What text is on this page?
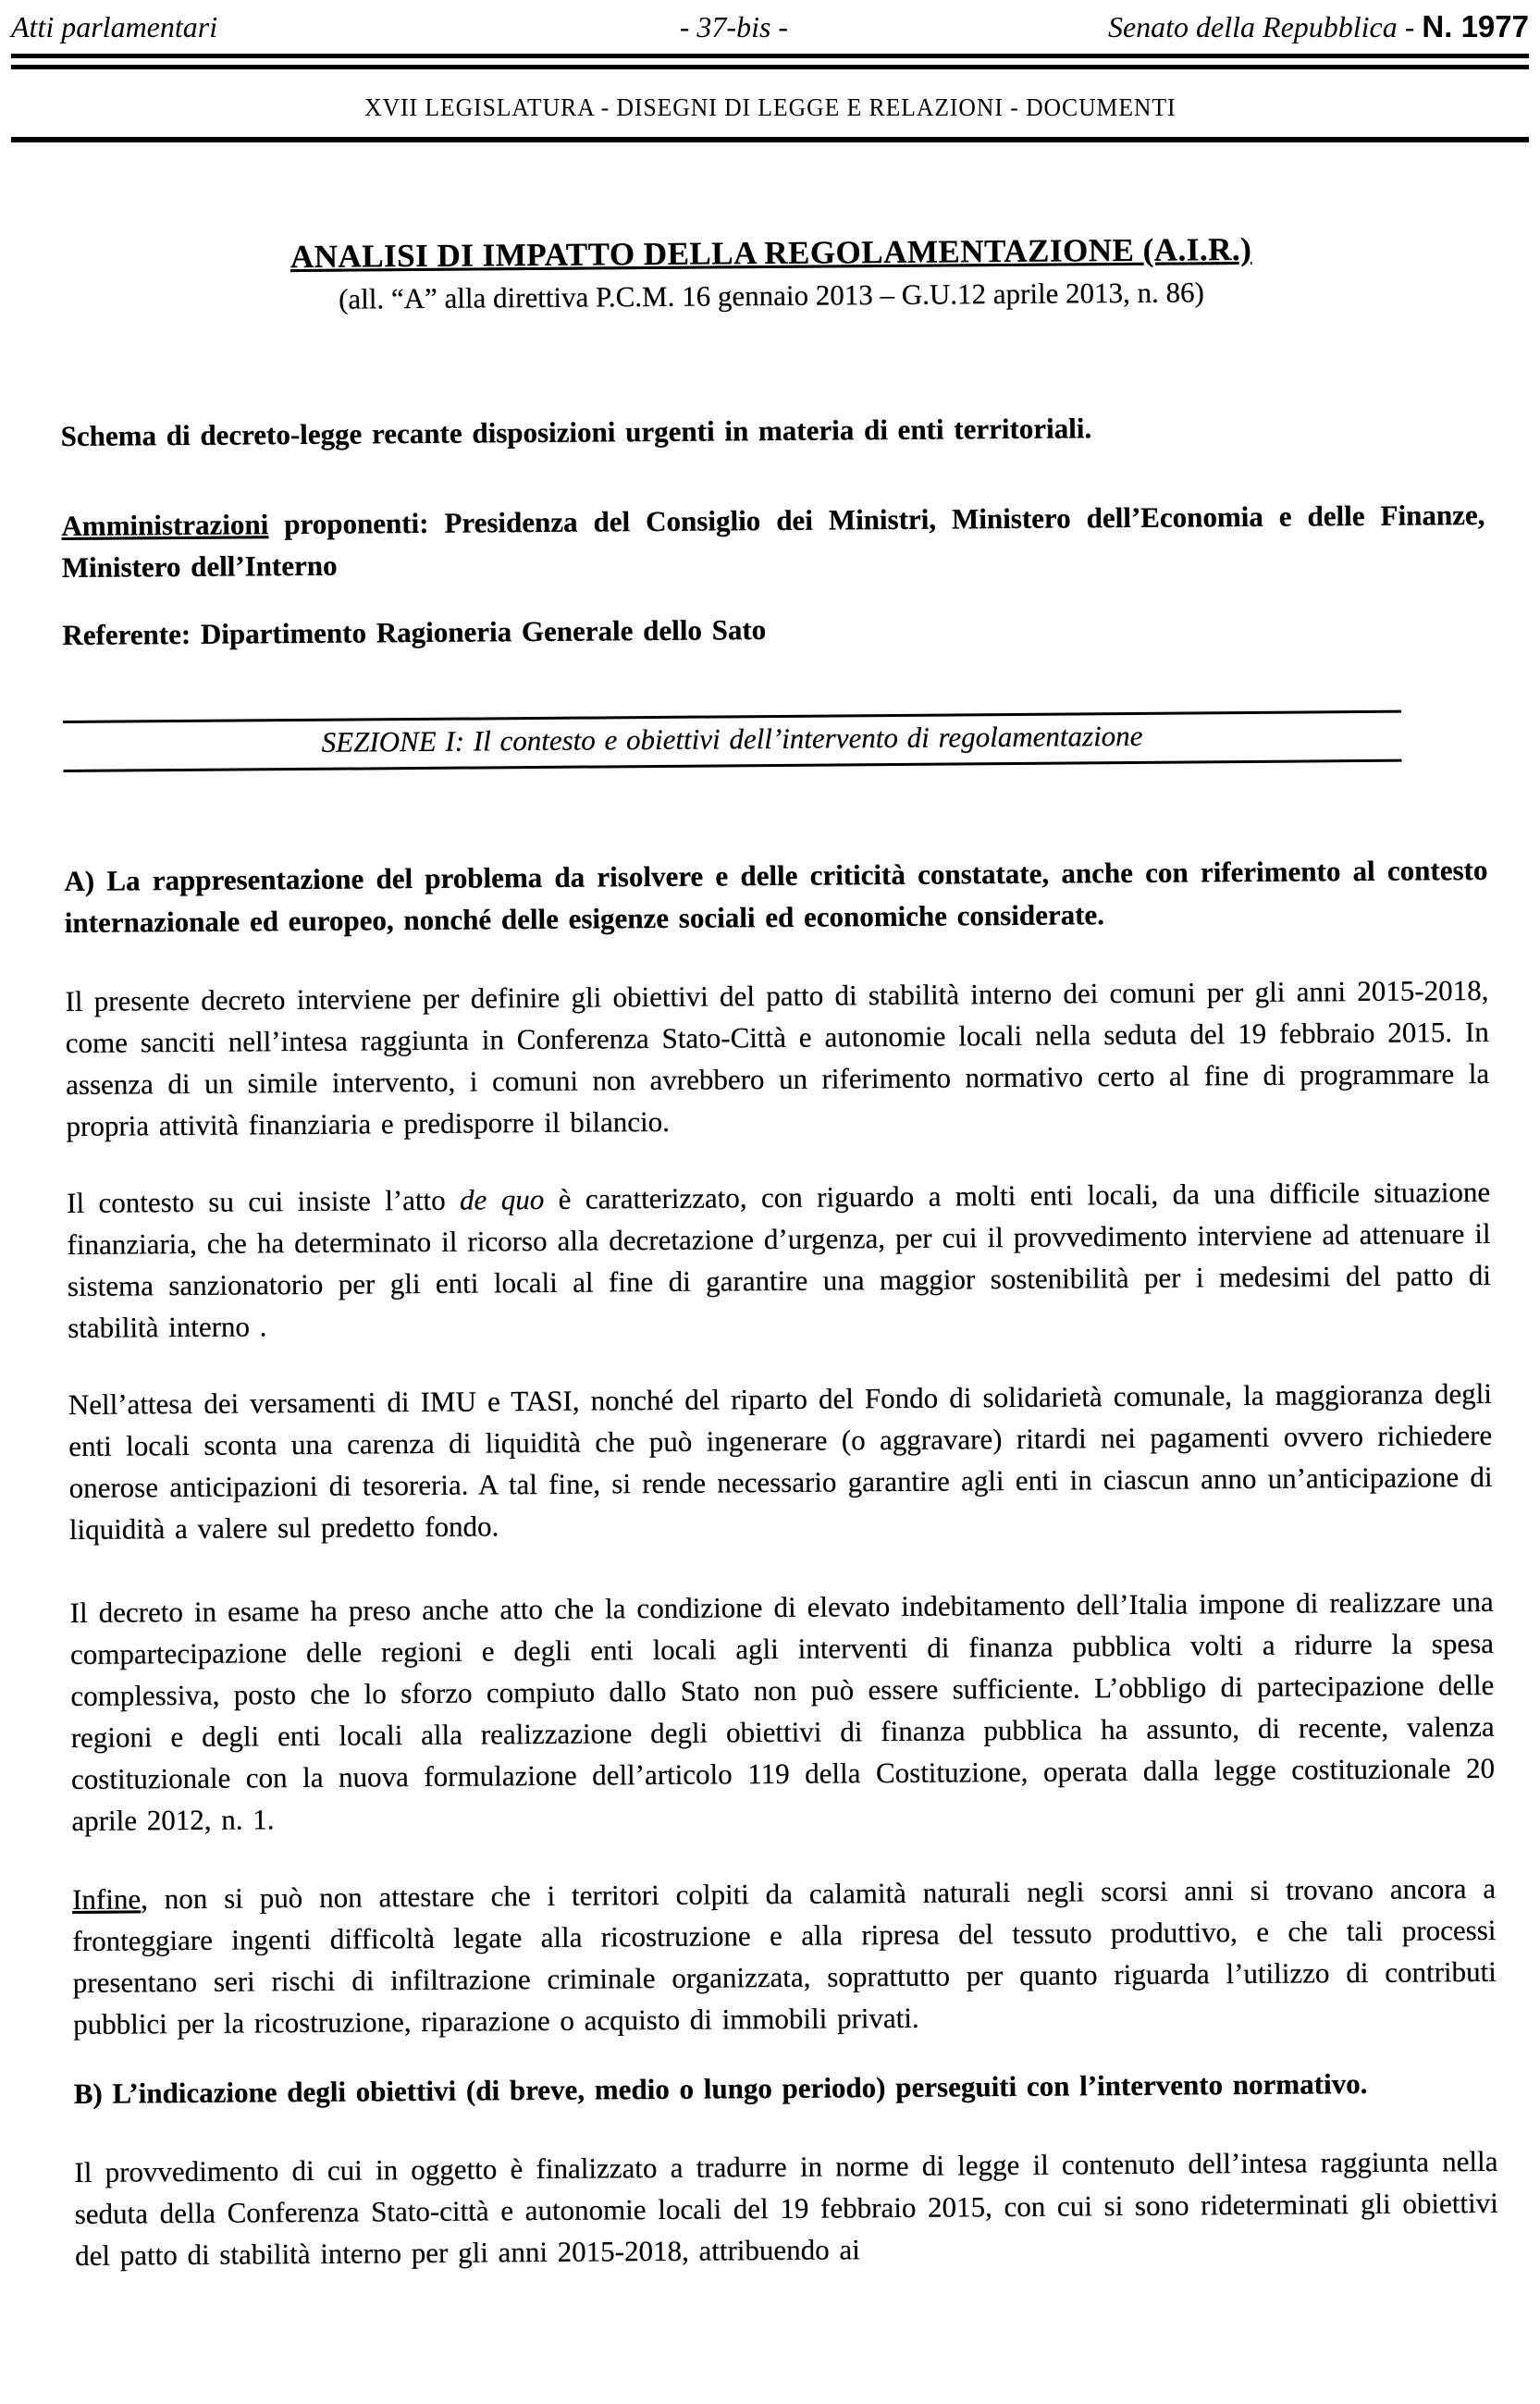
Atti parlamentari	- 37-bis -	Senato della Repubblica - N. 1977
XVII LEGISLATURA - DISEGNI DI LEGGE E RELAZIONI - DOCUMENTI
ANALISI DI IMPATTO DELLA REGOLAMENTAZIONE (A.I.R.)
(all. “A” alla direttiva P.C.M. 16 gennaio 2013 – G.U.12 aprile 2013, n. 86)

Schema di decreto-legge recante disposizioni urgenti in materia di enti territoriali.

Amministrazioni proponenti: Presidenza del Consiglio dei Ministri, Ministero dell’Economia e delle Finanze, Ministero dell’Interno

Referente: Dipartimento Ragioneria Generale dello Sato

SEZIONE I: Il contesto e obiettivi dell’intervento di regolamentazione

A) La rappresentazione del problema da risolvere e delle criticità constatate, anche con riferimento al contesto internazionale ed europeo, nonché delle esigenze sociali ed economiche considerate.

Il presente decreto interviene per definire gli obiettivi del patto di stabilità interno dei comuni per gli anni 2015-2018, come sanciti nell’intesa raggiunta in Conferenza Stato-Città e autonomie locali nella seduta del 19 febbraio 2015. In assenza di un simile intervento, i comuni non avrebbero un riferimento normativo certo al fine di programmare la propria attività finanziaria e predisporre il bilancio.

Il contesto su cui insiste l’atto de quo è caratterizzato, con riguardo a molti enti locali, da una difficile situazione finanziaria, che ha determinato il ricorso alla decretazione d’urgenza, per cui il provvedimento interviene ad attenuare il sistema sanzionatorio per gli enti locali al fine di garantire una maggior sostenibilità per i medesimi del patto di stabilità interno .

Nell’attesa dei versamenti di IMU e TASI, nonché del riparto del Fondo di solidarietà comunale, la maggioranza degli enti locali sconta una carenza di liquidità che può ingenerare (o aggravare) ritardi nei pagamenti ovvero richiedere onerose anticipazioni di tesoreria. A tal fine, si rende necessario garantire agli enti in ciascun anno un’anticipazione di liquidità a valere sul predetto fondo.

Il decreto in esame ha preso anche atto che la condizione di elevato indebitamento dell’Italia impone di realizzare una compartecipazione delle regioni e degli enti locali agli interventi di finanza pubblica volti a ridurre la spesa complessiva, posto che lo sforzo compiuto dallo Stato non può essere sufficiente. L’obbligo di partecipazione delle regioni e degli enti locali alla realizzazione degli obiettivi di finanza pubblica ha assunto, di recente, valenza costituzionale con la nuova formulazione dell’articolo 119 della Costituzione, operata dalla legge costituzionale 20 aprile 2012, n. 1.

Infine, non si può non attestare che i territori colpiti da calamità naturali negli scorsi anni si trovano ancora a fronteggiare ingenti difficoltà legate alla ricostruzione e alla ripresa del tessuto produttivo, e che tali processi presentano seri rischi di infiltrazione criminale organizzata, soprattutto per quanto riguarda l’utilizzo di contributi pubblici per la ricostruzione, riparazione o acquisto di immobili privati.

B) L’indicazione degli obiettivi (di breve, medio o lungo periodo) perseguiti con l’intervento normativo.

Il provvedimento di cui in oggetto è finalizzato a tradurre in norme di legge il contenuto dell’intesa raggiunta nella seduta della Conferenza Stato-città e autonomie locali del 19 febbraio 2015, con cui si sono rideterminati gli obiettivi del patto di stabilità interno per gli anni 2015-2018, attribuendo ai
